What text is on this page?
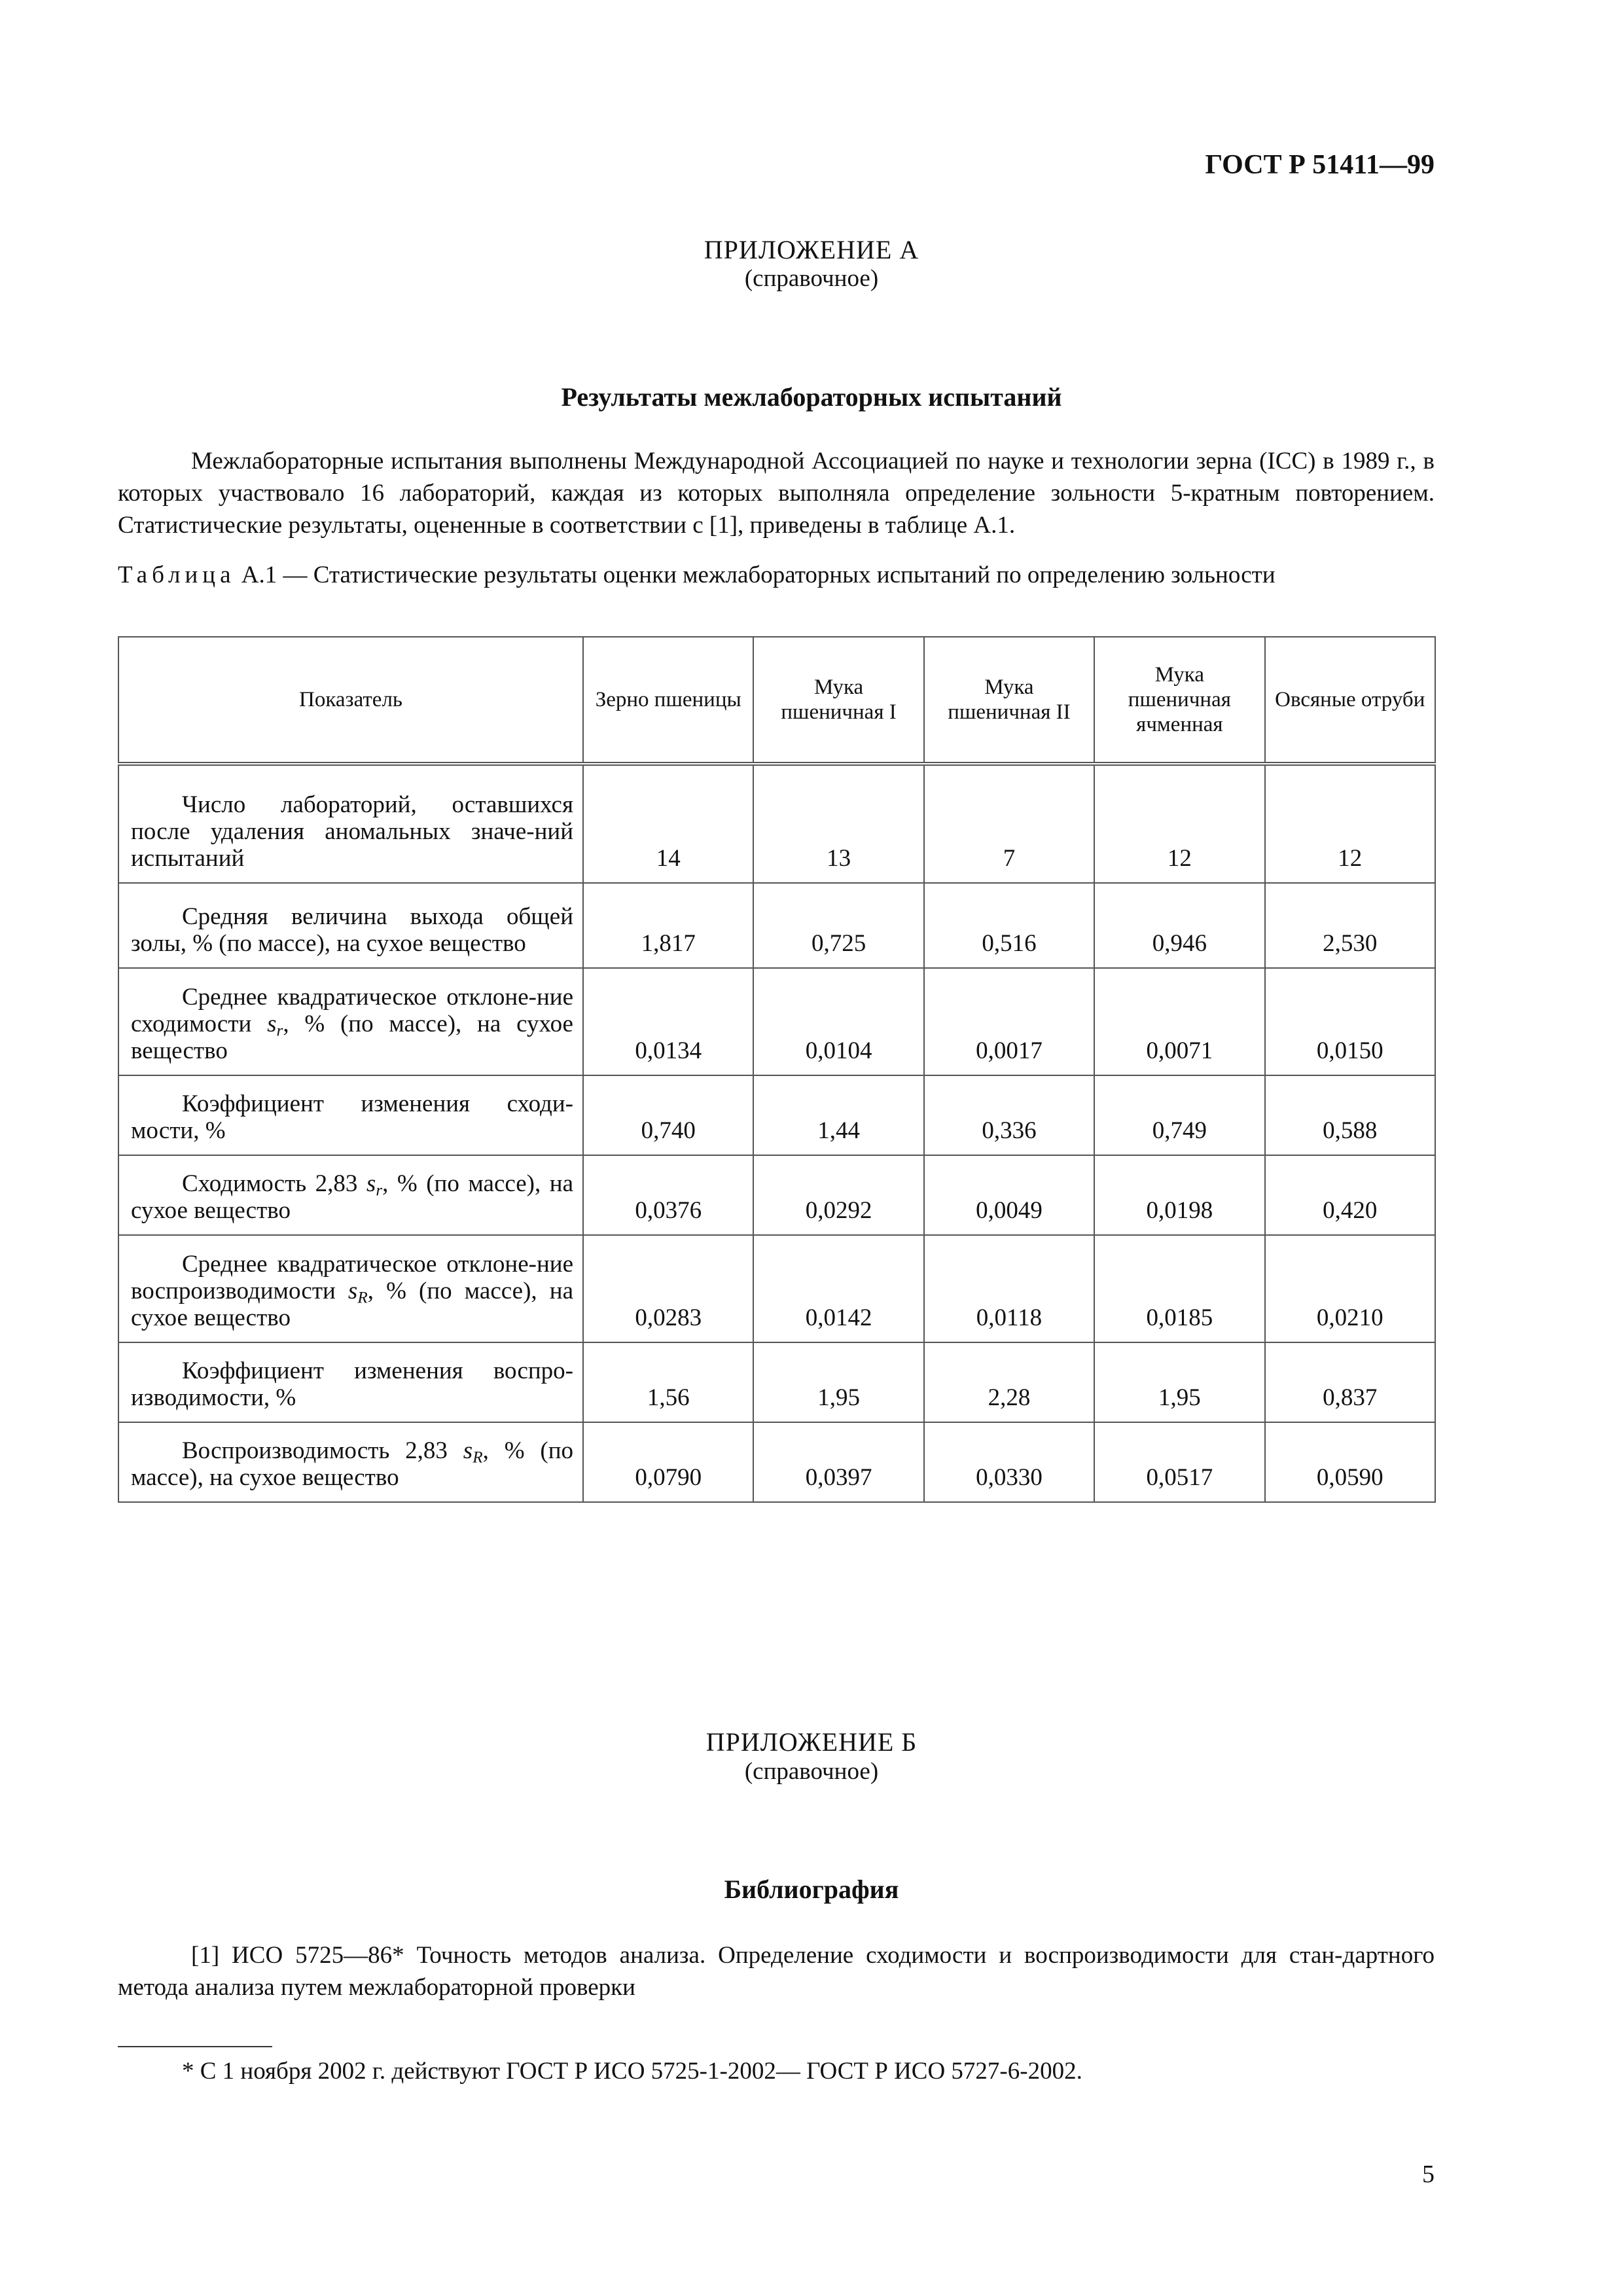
ГОСТ Р 51411—99
ПРИЛОЖЕНИЕ А
(справочное)
Результаты межлабораторных испытаний
Межлабораторные испытания выполнены Международной Ассоциацией по науке и технологии зерна (ICC) в 1989 г., в которых участвовало 16 лабораторий, каждая из которых выполняла определение зольности 5-кратным повторением. Статистические результаты, оцененные в соответствии с [1], приведены в таблице А.1.
Таблица А.1 — Статистические результаты оценки межлабораторных испытаний по определению зольности
Показатель	Зерно пшеницы	Мука пшеничная I	Мука пшеничная II	Мука пшеничная ячменная	Овсяные отруби
Число лабораторий, оставшихся после удаления аномальных значе-ний испытаний	14	13	7	12	12
Средняя величина выхода общей золы, % (по массе), на сухое вещество	1,817	0,725	0,516	0,946	2,530
Среднее квадратическое отклоне-ние сходимости $s_r$, % (по массе), на сухое вещество	0,0134	0,0104	0,0017	0,0071	0,0150
Коэффициент изменения сходи-мости, %	0,740	1,44	0,336	0,749	0,588
Сходимость 2,83 $s_r$, % (по массе), на сухое вещество	0,0376	0,0292	0,0049	0,0198	0,420
Среднее квадратическое отклоне-ние воспроизводимости $s_R$, % (по массе), на сухое вещество	0,0283	0,0142	0,0118	0,0185	0,0210
Коэффициент изменения воспро-изводимости, %	1,56	1,95	2,28	1,95	0,837
Воспроизводимость 2,83 $s_R$, % (по массе), на сухое вещество	0,0790	0,0397	0,0330	0,0517	0,0590
ПРИЛОЖЕНИЕ Б
(справочное)
Библиография
[1] ИСО 5725—86* Точность методов анализа. Определение сходимости и воспроизводимости для стан-дартного метода анализа путем межлабораторной проверки
* С 1 ноября 2002 г. действуют ГОСТ Р ИСО 5725-1-2002— ГОСТ Р ИСО 5727-6-2002.
5
